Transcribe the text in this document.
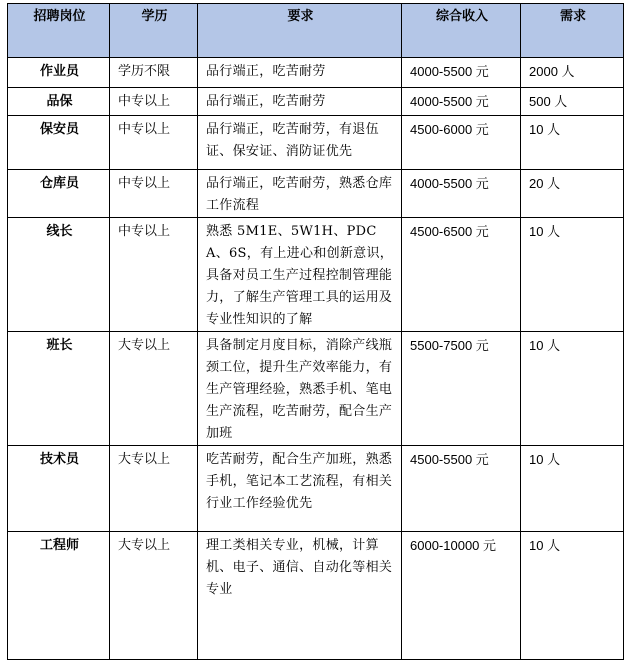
招聘岗位	学历	要求	综合收入	需求
作业员	学历不限	品行端正，吃苦耐劳	4000-5500 元	2000 人
品保	中专以上	品行端正，吃苦耐劳	4000-5500 元	500 人
保安员	中专以上	品行端正，吃苦耐劳，有退伍证、保安证、消防证优先	4500-6000 元	10 人
仓库员	中专以上	品行端正，吃苦耐劳，熟悉仓库工作流程	4000-5500 元	20 人
线长	中专以上	熟悉 5M1E、5W1H、PDCA、6S，有上进心和创新意识，具备对员工生产过程控制管理能力，了解生产管理工具的运用及专业性知识的了解	4500-6500 元	10 人
班长	大专以上	具备制定月度目标，消除产线瓶颈工位，提升生产效率能力，有生产管理经验，熟悉手机、笔电生产流程，吃苦耐劳，配合生产加班	5500-7500 元	10 人
技术员	大专以上	吃苦耐劳，配合生产加班，熟悉手机，笔记本工艺流程，有相关行业工作经验优先	4500-5500 元	10 人
工程师	大专以上	理工类相关专业，机械，计算机、电子、通信、自动化等相关专业	6000-10000 元	10 人
